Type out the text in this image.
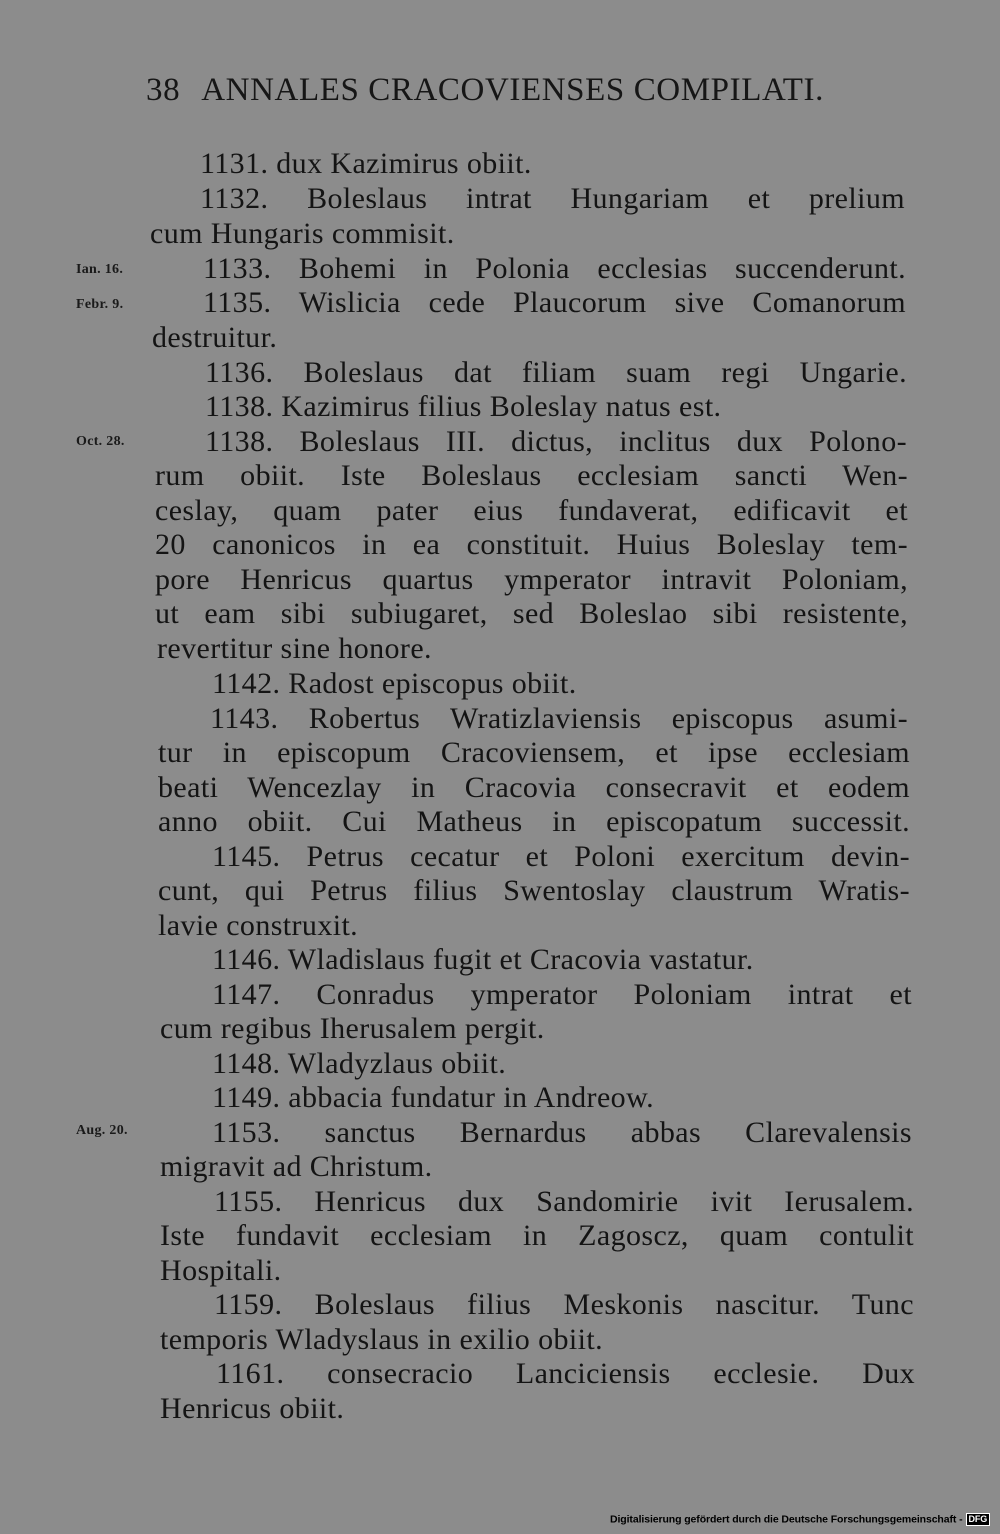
38 ANNALES CRACOVIENSES COMPILATI.
Ian. 16.
Febr. 9.
Oct. 28.
Aug. 20.
1131. dux Kazimirus obiit.
1132. Boleslaus intrat Hungariam et prelium
cum Hungaris commisit.
1133. Bohemi in Polonia ecclesias succenderunt.
1135. Wislicia cede Plaucorum sive Comanorum
destruitur.
1136. Boleslaus dat filiam suam regi Ungarie.
1138. Kazimirus filius Boleslay natus est.
1138. Boleslaus III. dictus, inclitus dux Polono-
rum obiit. Iste Boleslaus ecclesiam sancti Wen-
ceslay, quam pater eius fundaverat, edificavit et
20 canonicos in ea constituit. Huius Boleslay tem-
pore Henricus quartus ymperator intravit Poloniam,
ut eam sibi subiugaret, sed Boleslao sibi resistente,
revertitur sine honore.
1142. Radost episcopus obiit.
1143. Robertus Wratizlaviensis episcopus asumi-
tur in episcopum Cracoviensem, et ipse ecclesiam
beati Wencezlay in Cracovia consecravit et eodem
anno obiit. Cui Matheus in episcopatum successit.
1145. Petrus cecatur et Poloni exercitum devin-
cunt, qui Petrus filius Swentoslay claustrum Wratis-
lavie construxit.
1146. Wladislaus fugit et Cracovia vastatur.
1147. Conradus ymperator Poloniam intrat et
cum regibus Iherusalem pergit.
1148. Wladyzlaus obiit.
1149. abbacia fundatur in Andreow.
1153. sanctus Bernardus abbas Clarevalensis
migravit ad Christum.
1155. Henricus dux Sandomirie ivit Ierusalem.
Iste fundavit ecclesiam in Zagoscz, quam contulit
Hospitali.
1159. Boleslaus filius Meskonis nascitur. Tunc
temporis Wladyslaus in exilio obiit.
1161. consecracio Lanciciensis ecclesie. Dux
Henricus obiit.
Digitalisierung gefördert durch die Deutsche Forschungsgemeinschaft - DFG
